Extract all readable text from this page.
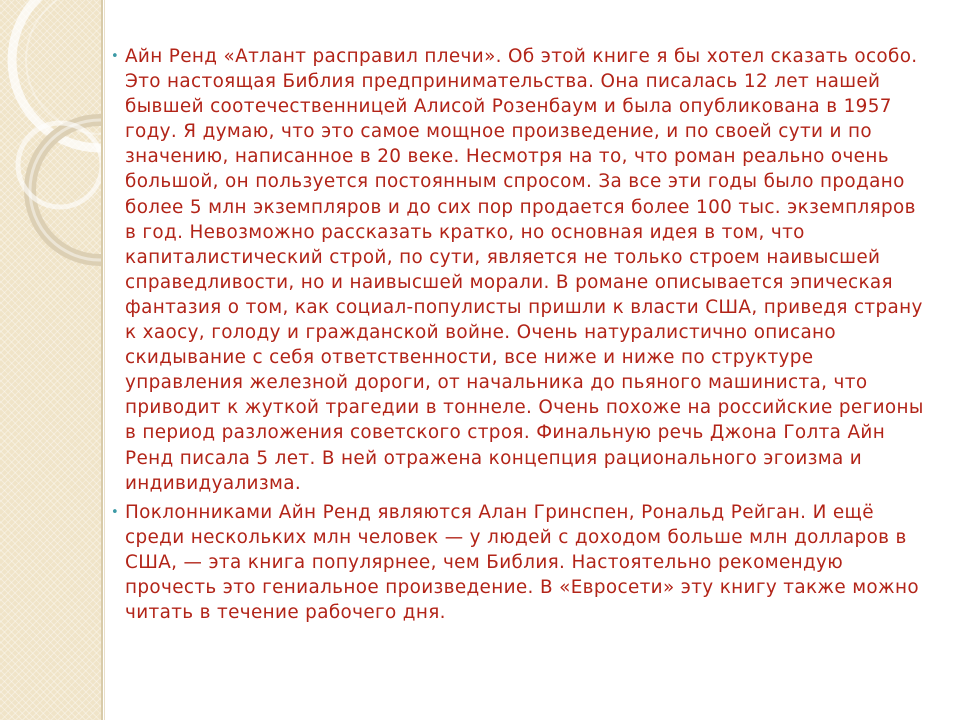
• Айн Ренд «Атлант расправил плечи». Об этой книге я бы хотел сказать особо. Это настоящая Библия предпринимательства. Она писалась 12 лет нашей бывшей соотечественницей Алисой Розенбаум и была опубликована в 1957 году. Я думаю, что это самое мощное произведение, и по своей сути и по значению, написанное в 20 веке. Несмотря на то, что роман реально очень большой, он пользуется постоянным спросом. За все эти годы было продано более 5 млн экземпляров и до сих пор продается более 100 тыс. экземпляров в год. Невозможно рассказать кратко, но основная идея в том, что капиталистический строй, по сути, является не только строем наивысшей справедливости, но и наивысшей морали. В романе описывается эпическая фантазия о том, как социал-популисты пришли к власти США, приведя страну к хаосу, голоду и гражданской войне. Очень натуралистично описано скидывание с себя ответственности, все ниже и ниже по структуре управления железной дороги, от начальника до пьяного машиниста, что приводит к жуткой трагедии в тоннеле. Очень похоже на российские регионы в период разложения советского строя. Финальную речь Джона Голта Айн Ренд писала 5 лет. В ней отражена концепция рационального эгоизма и индивидуализма.
• Поклонниками Айн Ренд являются Алан Гринспен, Рональд Рейган. И ещё среди нескольких млн человек — у людей с доходом больше млн долларов в США, — эта книга популярнее, чем Библия. Настоятельно рекомендую прочесть это гениальное произведение. В «Евросети» эту книгу также можно читать в течение рабочего дня.
